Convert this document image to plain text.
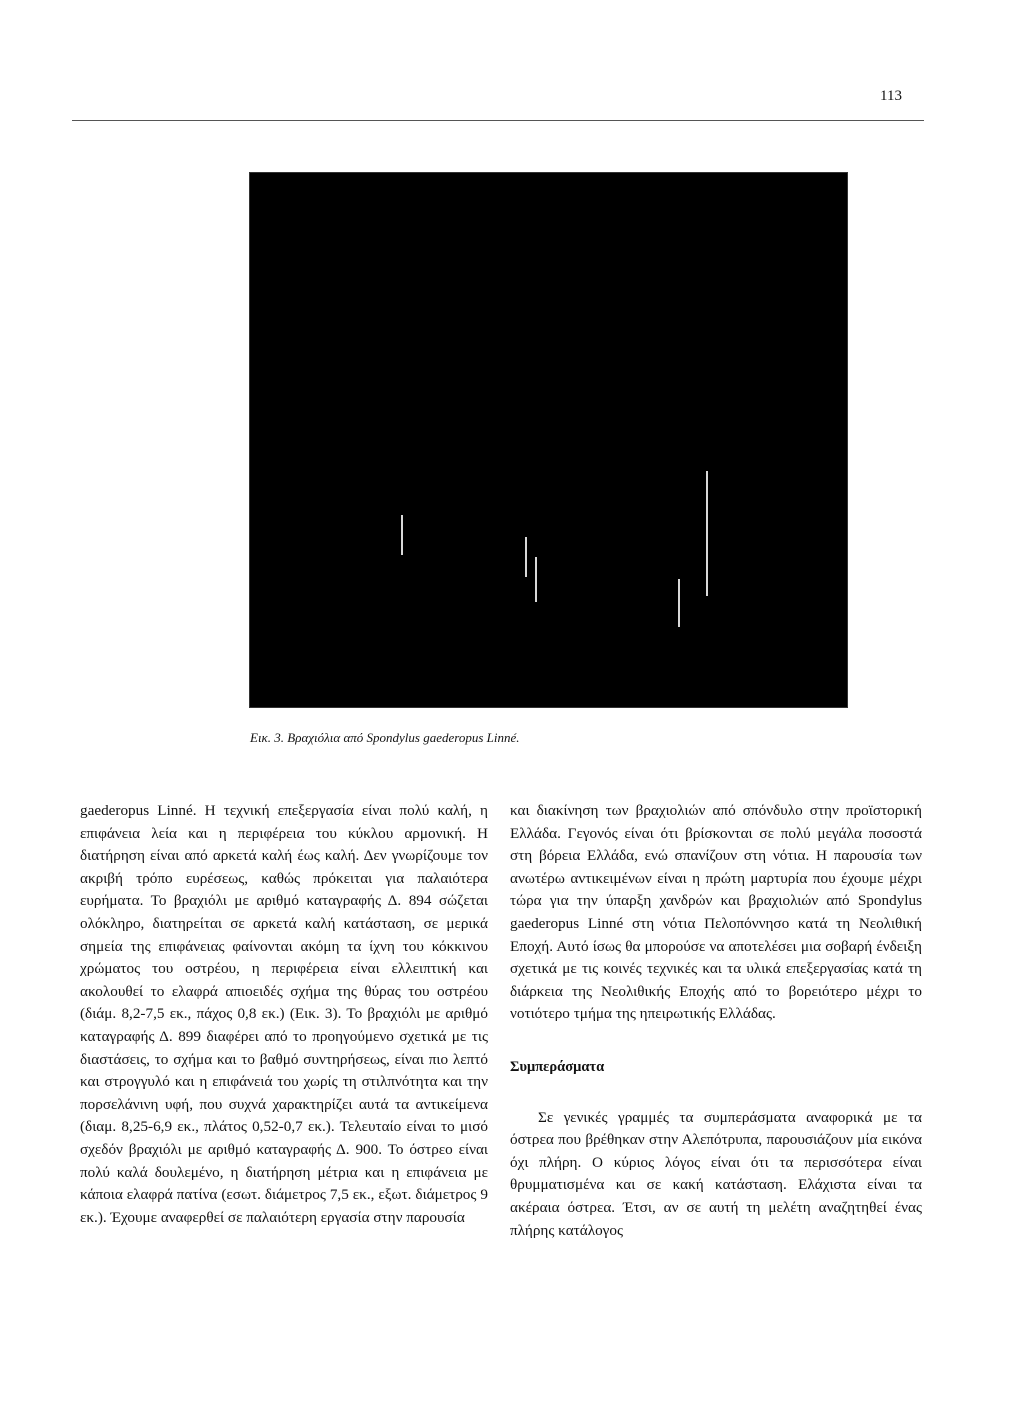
113
Εικ. 3. Βραχιόλια από Spondylus gaederopus Linné.

gaederopus Linné. Η τεχνική επεξεργασία είναι πολύ καλή, η επιφάνεια λεία και η περιφέρεια του κύκλου αρμονική. Η διατήρηση είναι από αρκετά καλή έως καλή. Δεν γνωρίζουμε τον ακριβή τρόπο ευρέσεως, καθώς πρόκειται για παλαιότερα ευρήματα. Το βραχιόλι με αριθμό καταγραφής Δ. 894 σώζεται ολόκληρο, διατηρείται σε αρκετά καλή κατάσταση, σε μερικά σημεία της επιφάνειας φαίνονται ακόμη τα ίχνη του κόκκινου χρώματος του οστρέου, η περιφέρεια είναι ελλειπτική και ακολουθεί το ελαφρά απιοειδές σχήμα της θύρας του οστρέου (διάμ. 8,2-7,5 εκ., πάχος 0,8 εκ.) (Εικ. 3). Το βραχιόλι με αριθμό καταγραφής Δ. 899 διαφέρει από το προηγούμενο σχετικά με τις διαστάσεις, το σχήμα και το βαθμό συντηρήσεως, είναι πιο λεπτό και στρογγυλό και η επιφάνειά του χωρίς τη στιλπνότητα και την πορσελάνινη υφή, που συχνά χαρακτηρίζει αυτά τα αντικείμενα (διαμ. 8,25-6,9 εκ., πλάτος 0,52-0,7 εκ.). Τελευταίο είναι το μισό σχεδόν βραχιόλι με αριθμό καταγραφής Δ. 900. Το όστρεο είναι πολύ καλά δουλεμένο, η διατήρηση μέτρια και η επιφάνεια με κάποια ελαφρά πατίνα (εσωτ. διάμετρος 7,5 εκ., εξωτ. διάμετρος 9 εκ.). Έχουμε αναφερθεί σε παλαιότερη εργασία στην παρουσία

και διακίνηση των βραχιολιών από σπόνδυλο στην προϊστορική Ελλάδα. Γεγονός είναι ότι βρίσκονται σε πολύ μεγάλα ποσοστά στη βόρεια Ελλάδα, ενώ σπανίζουν στη νότια. Η παρουσία των ανωτέρω αντικειμένων είναι η πρώτη μαρτυρία που έχουμε μέχρι τώρα για την ύπαρξη χανδρών και βραχιολιών από Spondylus gaederopus Linné στη νότια Πελοπόννησο κατά τη Νεολιθική Εποχή. Αυτό ίσως θα μπορούσε να αποτελέσει μια σοβαρή ένδειξη σχετικά με τις κοινές τεχνικές και τα υλικά επεξεργασίας κατά τη διάρκεια της Νεολιθικής Εποχής από το βορειότερο μέχρι το νοτιότερο τμήμα της ηπειρωτικής Ελλάδας.

Συμπεράσματα

Σε γενικές γραμμές τα συμπεράσματα αναφορικά με τα όστρεα που βρέθηκαν στην Αλεπότρυπα, παρουσιάζουν μία εικόνα όχι πλήρη. Ο κύριος λόγος είναι ότι τα περισσότερα είναι θρυμματισμένα και σε κακή κατάσταση. Ελάχιστα είναι τα ακέραια όστρεα. Έτσι, αν σε αυτή τη μελέτη αναζητηθεί ένας πλήρης κατάλογος
